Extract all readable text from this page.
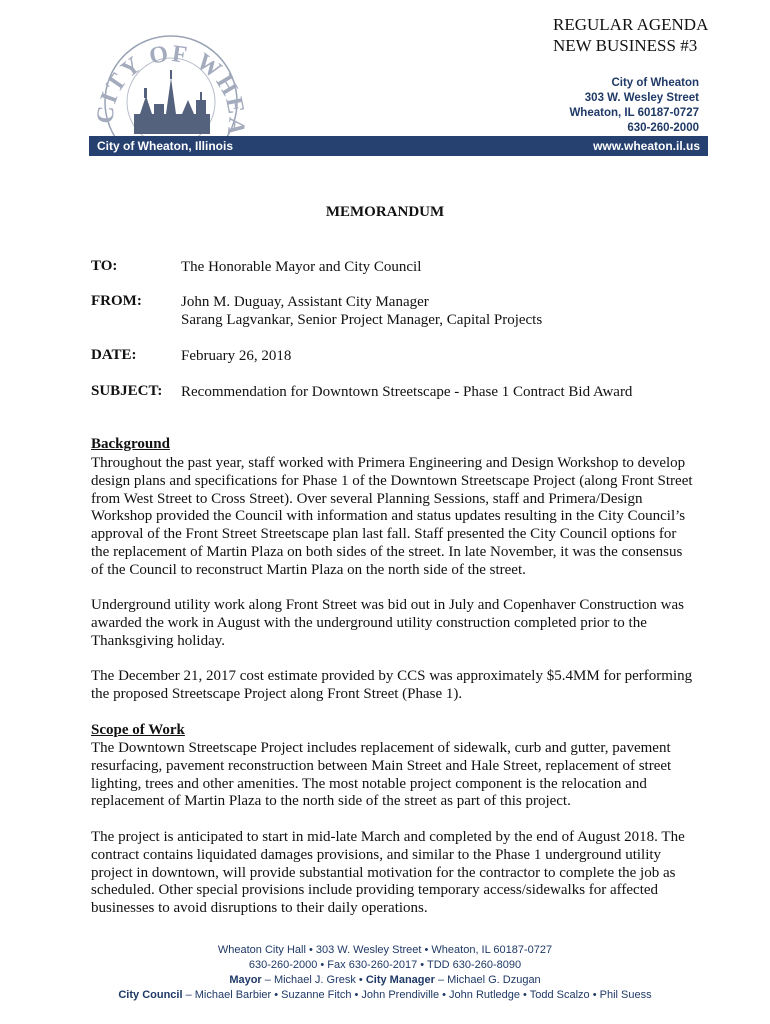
REGULAR AGENDA
NEW BUSINESS #3
ITY OF WH	City of Wheaton
303 W. Wesley Street
Wheaton, IL 60187-0727
630-260-2000
City of Wheaton, Illinois	www.wheaton.il.us
MEMORANDUM
TO:	The Honorable Mayor and City Council
FROM:	John M. Duguay, Assistant City Manager
Sarang Lagvankar, Senior Project Manager, Capital Projects
DATE:	February 26, 2018
SUBJECT: Recommendation for Downtown Streetscape - Phase 1 Contract Bid Award
Background
Throughout the past year, staff worked with Primera Engineering and Design Workshop to develop
design plans and specifications for Phase 1 of the Downtown Streetscape Project (along Front Street
from West Street to Cross Street). Over several Planning Sessions, staff and Primera/Design
Workshop provided the Council with information and status updates resulting in the City Council’s
approval of the Front Street Streetscape plan last fall. Staff presented the City Council options for
the replacement of Martin Plaza on both sides of the street. In late November, it was the consensus
of the Council to reconstruct Martin Plaza on the north side of the street.
Underground utility work along Front Street was bid out in July and Copenhaver Construction was
awarded the work in August with the underground utility construction completed prior to the
Thanksgiving holiday.
The December 21, 2017 cost estimate provided by CCS was approximately $5.4MM for performing
the proposed Streetscape Project along Front Street (Phase 1).
Scope of Work
The Downtown Streetscape Project includes replacement of sidewalk, curb and gutter, pavement
resurfacing, pavement reconstruction between Main Street and Hale Street, replacement of street
lighting, trees and other amenities. The most notable project component is the relocation and
replacement of Martin Plaza to the north side of the street as part of this project.
The project is anticipated to start in mid-late March and completed by the end of August 2018. The
contract contains liquidated damages provisions, and similar to the Phase 1 underground utility
project in downtown, will provide substantial motivation for the contractor to complete the job as
scheduled. Other special provisions include providing temporary access/sidewalks for affected
businesses to avoid disruptions to their daily operations.
Wheaton City Hall • 303 W. Wesley Street • Wheaton, IL 60187-0727
630-260-2000 • Fax 630-260-2017 • TDD 630-260-8090
Mayor – Michael J. Gresk • City Manager – Michael G. Dzugan
City Council – Michael Barbier • Suzanne Fitch • John Prendiville • John Rutledge • Todd Scalzo • Phil Suess
